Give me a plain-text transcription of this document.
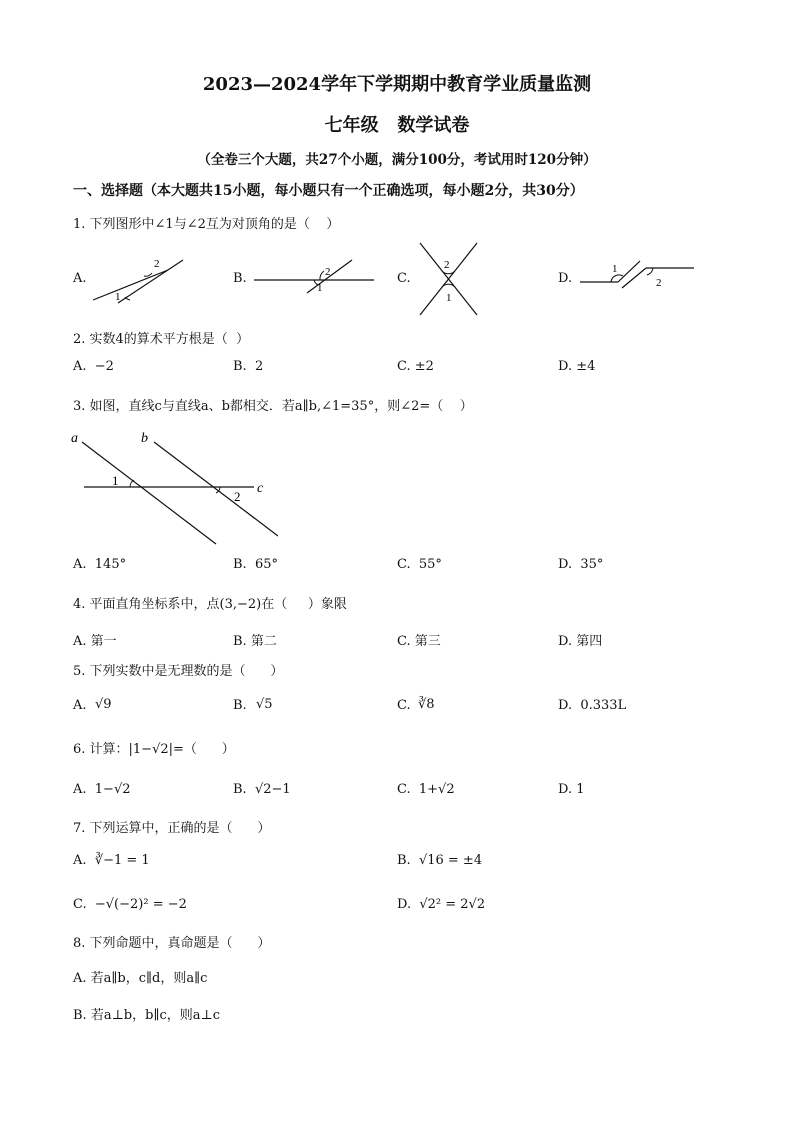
2023—2024学年下学期期中教育学业质量监测
七年级   数学试卷
（全卷三个大题，共27个小题，满分100分，考试用时120分钟）
一、选择题（本大题共15小题，每小题只有一个正确选项，每小题2分，共30分）
1. 下列图形中∠1与∠2互为对顶角的是（    ）
A.
2
1
B.	2
1
C.
2
1
D.
1
2
2. 实数4的算术平方根是（  ）
A.  −2	B.  2	C. ±2	D. ±4
3. 如图，直线c与直线a、b都相交．若a∥b,∠1=35°，则∠2=（    ）
a	b
c
1
2
A.  145°	B.  65°	C.  55°	D.  35°
4. 平面直角坐标系中，点(3,−2)在（     ）象限
A. 第一	B. 第二	C. 第三	D. 第四
5. 下列实数中是无理数的是（      ）
A. √9	B. √5	C. ∛8	D.  0.333L
6. 计算：|1−√2|=（      ）
A.  1−√2	B.  √2−1	C.  1+√2	D. 1
7. 下列运算中，正确的是（      ）
A.  ∛−1 = 1	B.  √16 = ±4
C.  −√(−2)² = −2	D.  √2² = 2√2
8. 下列命题中，真命题是（      ）
A. 若a∥b，c∥d，则a∥c
B. 若a⊥b，b∥c，则a⊥c
